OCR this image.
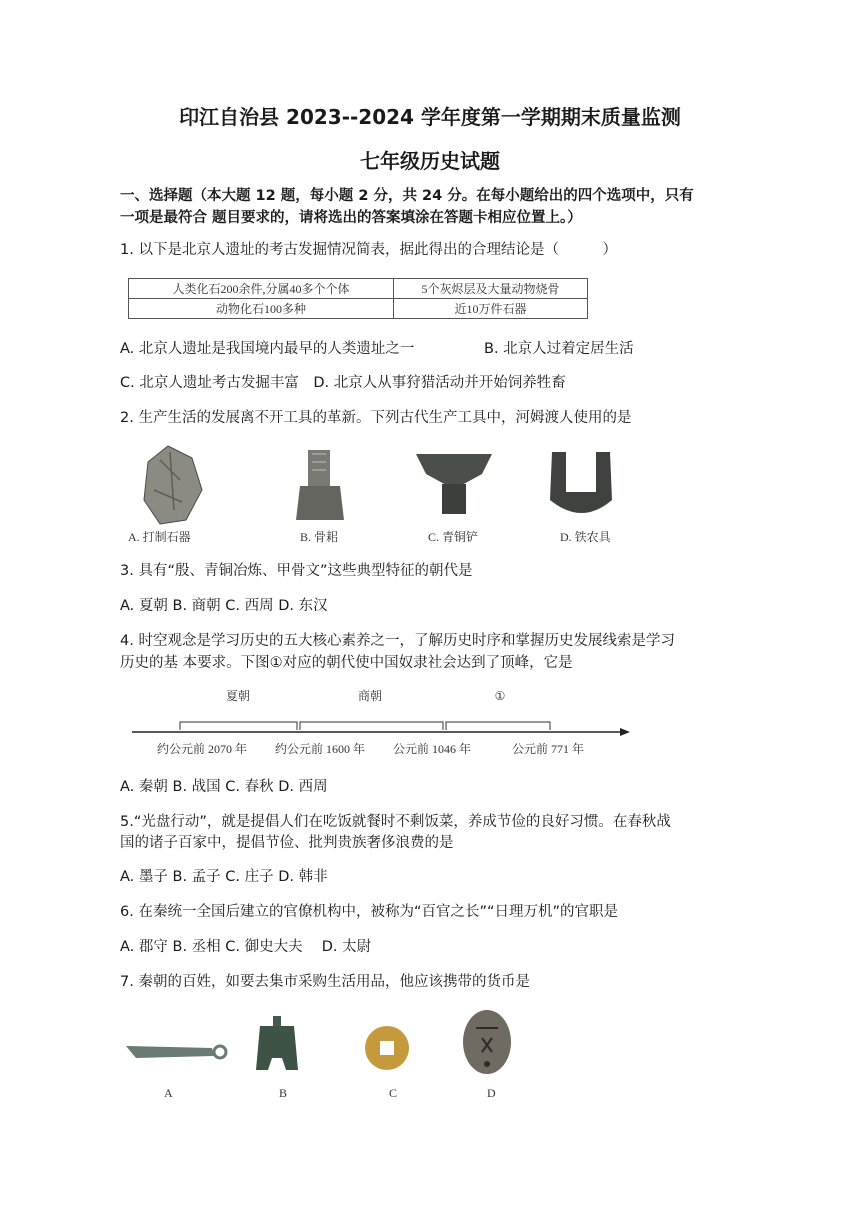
印江自治县 2023--2024 学年度第一学期期末质量监测
七年级历史试题
一、选择题（本大题 12 题，每小题 2 分，共 24 分。在每小题给出的四个选项中，只有
一项是最符合 题目要求的，请将选出的答案填涂在答题卡相应位置上。）
1. 以下是北京人遗址的考古发掘情况简表，据此得出的合理结论是（　　　）
人类化石200余件,分属40多个个体	5个灰烬层及大量动物烧骨
动物化石100多种	近10万件石器
A. 北京人遗址是我国境内最早的人类遗址之一	B. 北京人过着定居生活
C. 北京人遗址考古发掘丰富　D. 北京人从事狩猎活动并开始饲养牲畜
2. 生产生活的发展离不开工具的革新。下列古代生产工具中，河姆渡人使用的是
A. 打制石器	B. 骨耜	C. 青铜铲	D. 铁农具
3. 具有“殷、青铜冶炼、甲骨文”这些典型特征的朝代是
A. 夏朝 B. 商朝 C. 西周 D. 东汉
4. 时空观念是学习历史的五大核心素养之一，了解历史时序和掌握历史发展线索是学习
历史的基 本要求。下图①对应的朝代使中国奴隶社会达到了顶峰，它是
夏朝	商朝	①
约公元前 2070 年 约公元前 1600 年 公元前 1046 年	公元前 771 年
A. 秦朝 B. 战国 C. 春秋 D. 西周
5.“光盘行动”，就是提倡人们在吃饭就餐时不剩饭菜，养成节俭的良好习惯。在春秋战
国的诸子百家中，提倡节俭、批判贵族奢侈浪费的是
A. 墨子 B. 孟子 C. 庄子 D. 韩非
6. 在秦统一全国后建立的官僚机构中，被称为“百官之长”“日理万机”的官职是
A. 郡守 B. 丞相 C. 御史大夫　 D. 太尉
7. 秦朝的百姓，如要去集市采购生活用品，他应该携带的货币是
A	B	C	D
